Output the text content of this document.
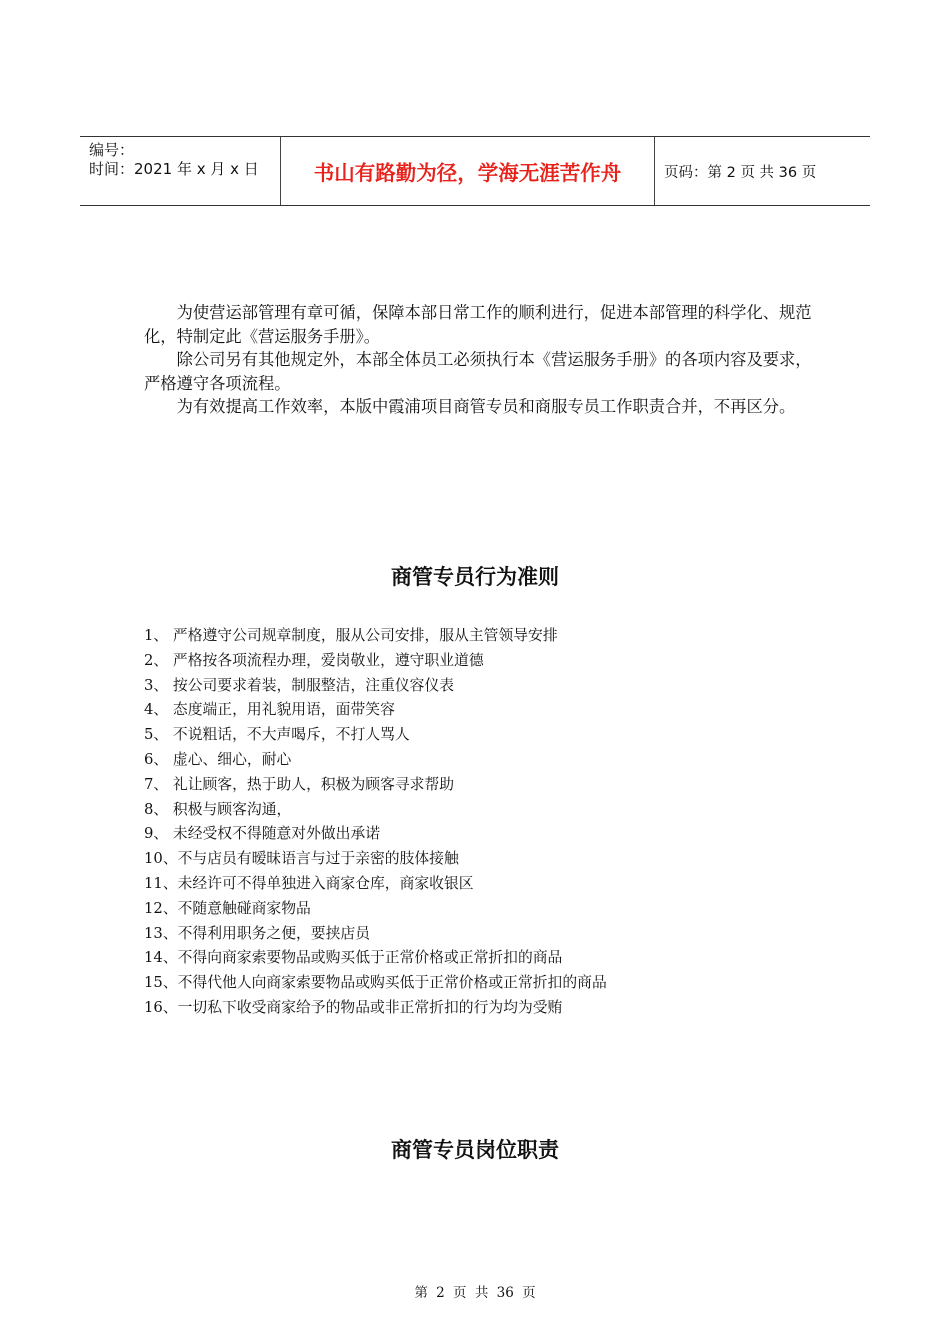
编号：
时间：2021 年 x 月 x 日	书山有路勤为径，学海无涯苦作舟	页码：第 2 页 共 36 页

为使营运部管理有章可循，保障本部日常工作的顺利进行，促进本部管理的科学化、规范化，特制定此《营运服务手册》。

除公司另有其他规定外，本部全体员工必须执行本《营运服务手册》的各项内容及要求，严格遵守各项流程。

为有效提高工作效率，本版中霞浦项目商管专员和商服专员工作职责合并，不再区分。

商管专员行为准则
1、 严格遵守公司规章制度，服从公司安排，服从主管领导安排
2、 严格按各项流程办理，爱岗敬业，遵守职业道德
3、 按公司要求着装，制服整洁，注重仪容仪表
4、 态度端正，用礼貌用语，面带笑容
5、 不说粗话，不大声喝斥，不打人骂人
6、 虚心、细心，耐心
7、 礼让顾客，热于助人，积极为顾客寻求帮助
8、 积极与顾客沟通，
9、 未经受权不得随意对外做出承诺
10、不与店员有暧昧语言与过于亲密的肢体接触
11、未经许可不得单独进入商家仓库，商家收银区
12、不随意触碰商家物品
13、不得利用职务之便，要挟店员
14、不得向商家索要物品或购买低于正常价格或正常折扣的商品
15、不得代他人向商家索要物品或购买低于正常价格或正常折扣的商品
16、一切私下收受商家给予的物品或非正常折扣的行为均为受贿
商管专员岗位职责
第 2 页 共 36 页
